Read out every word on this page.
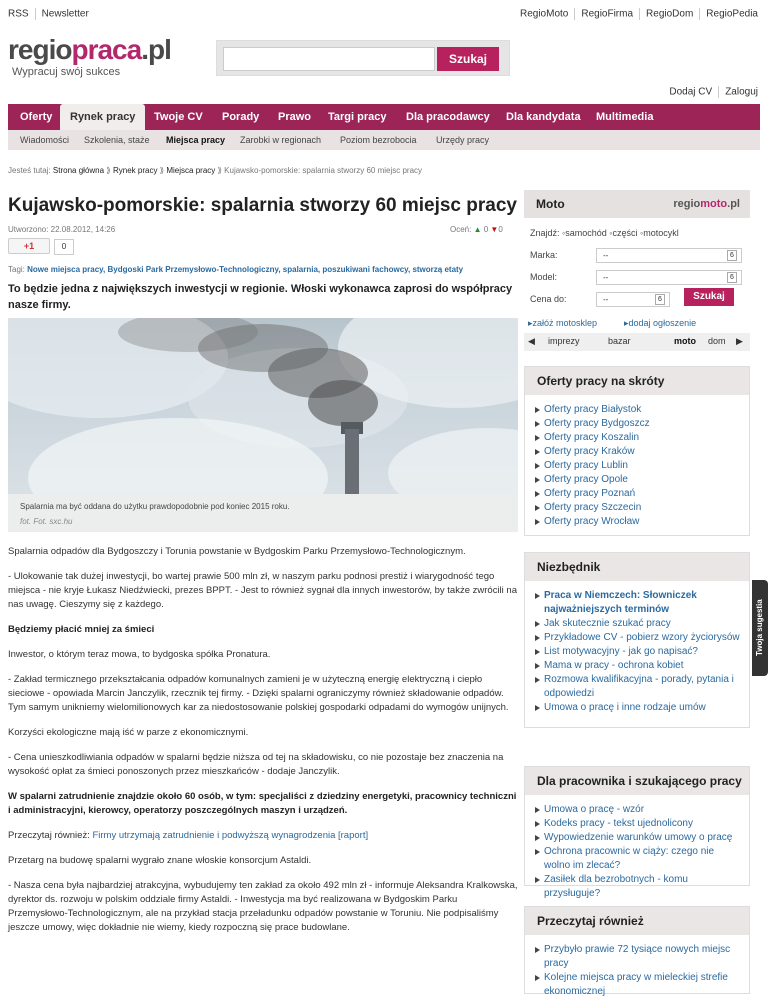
RSS Newsletter	RegioMoto RegioFirma RegioDom RegioPedia
regiopraca.pl
Wypracuj swój sukces
Szukaj
Dodaj CV Zaloguj
Oferty	Rynek pracy	Twoje CV Porady Prawo Targi pracy Dla pracodawcy Dla kandydata Multimedia
Wiadomości Szkolenia, staże Miejsca pracy Zarobki w regionach Poziom bezrobocia Urzędy pracy
Jesteś tutaj: Strona główna ⟫ Rynek pracy ⟫ Miejsca pracy ⟫ Kujawsko-pomorskie: spalarnia stworzy 60 miejsc pracy
Kujawsko-pomorskie: spalarnia stworzy 60 miejsc pracy
Utworzono: 22.08.2012, 14:26	Oceń: ▲ 0 ▼0
+1	0
Tagi: Nowe miejsca pracy, Bydgoski Park Przemysłowo-Technologiczny, spalarnia, poszukiwani fachowcy, stworzą etaty
To będzie jedna z największych inwestycji w regionie. Włoski wykonawca zaprosi do współpracy nasze firmy.
Spalarnia ma być oddana do użytku prawdopodobnie pod koniec 2015 roku.
fot. Fot. sxc.hu

Spalarnia odpadów dla Bydgoszczy i Torunia powstanie w Bydgoskim Parku Przemysłowo-Technologicznym.

- Ulokowanie tak dużej inwestycji, bo wartej prawie 500 mln zł, w naszym parku podnosi prestiż i wiarygodność tego miejsca - nie kryje Łukasz Niedźwiecki, prezes BPPT. - Jest to również sygnał dla innych inwestorów, by także zwrócili na nas uwagę. Cieszymy się z każdego.

Będziemy płacić mniej za śmieci

Inwestor, o którym teraz mowa, to bydgoska spółka Pronatura.

- Zakład termicznego przekształcania odpadów komunalnych zamieni je w użyteczną energię elektryczną i ciepło sieciowe - opowiada Marcin Janczylik, rzecznik tej firmy. - Dzięki spalarni ograniczymy również składowanie odpadów. Tym samym unikniemy wielomilionowych kar za niedostosowanie polskiej gospodarki odpadami do wymogów unijnych.

Korzyści ekologiczne mają iść w parze z ekonomicznymi.

- Cena unieszkodliwiania odpadów w spalarni będzie niższa od tej na składowisku, co nie pozostaje bez znaczenia na wysokość opłat za śmieci ponoszonych przez mieszkańców - dodaje Janczylik.

W spalarni zatrudnienie znajdzie około 60 osób, w tym: specjaliści z dziedziny energetyki, pracownicy techniczni i administracyjni, kierowcy, operatorzy poszczególnych maszyn i urządzeń.

Przeczytaj również: Firmy utrzymają zatrudnienie i podwyższą wynagrodzenia [raport]

Przetarg na budowę spalarni wygrało znane włoskie konsorcjum Astaldi.

- Nasza cena była najbardziej atrakcyjna, wybudujemy ten zakład za około 492 mln zł - informuje Aleksandra Kralkowska, dyrektor ds. rozwoju w polskim oddziale firmy Astaldi. - Inwestycja ma być realizowana w Bydgoskim Parku Przemysłowo-Technologicznym, ale na przykład stacja przeładunku odpadów powstanie w Toruniu. Nie podpisaliśmy jeszcze umowy, więc dokładnie nie wiemy, kiedy rozpoczną się prace budowlane.

Moto	regiomoto.pl
Znajdź: ◦samochód ◦części ◦motocykl
Marka:	--	6
Model:	--	6
Cena do:	--	6	Szukaj
▸załóż motosklep	▸dodaj ogłoszenie
◀ imprezy	bazar	moto dom ▶
Oferty pracy na skróty
Oferty pracy Białystok
Oferty pracy Bydgoszcz
Oferty pracy Koszalin
Oferty pracy Kraków
Oferty pracy Lublin
Oferty pracy Opole
Oferty pracy Poznań
Oferty pracy Szczecin
Oferty pracy Wrocław
Niezbędnik
Praca w Niemczech: Słowniczek najważniejszych terminów
Jak skutecznie szukać pracy
Przykładowe CV - pobierz wzory życiorysów
List motywacyjny - jak go napisać?
Mama w pracy - ochrona kobiet
Rozmowa kwalifikacyjna - porady, pytania i odpowiedzi
Umowa o pracę i inne rodzaje umów
Dla pracownika i szukającego pracy
Umowa o pracę - wzór
Kodeks pracy - tekst ujednolicony
Wypowiedzenie warunków umowy o pracę
Ochrona pracownic w ciąży: czego nie wolno im zlecać?
Zasiłek dla bezrobotnych - komu przysługuje?
Przeczytaj również
Przybyło prawie 72 tysiące nowych miejsc pracy
Kolejne miejsca pracy w mieleckiej strefie ekonomicznej
Twoja sugestia
